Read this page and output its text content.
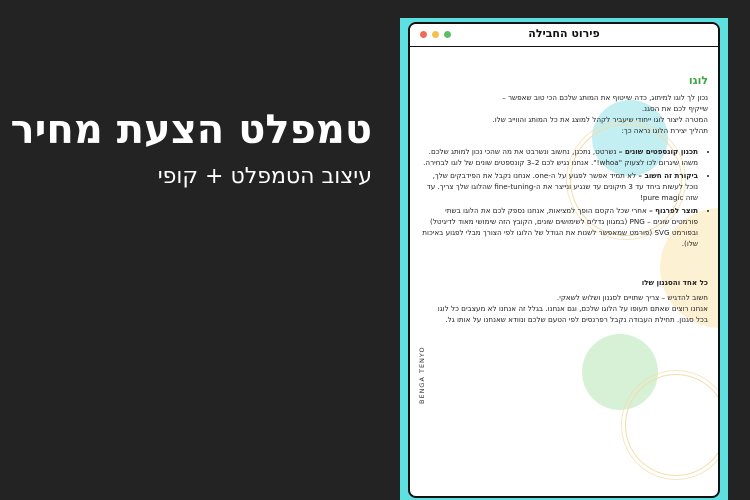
טמפלט הצעת מחיר
עיצוב הטמפלט + קופי
פירוט החבילה
לוגו

נכון לך לוגו למיתוג, כדה שייטוף את המותג שלכם הכי טוב שאפשר –

שייקיף לכם את הסגנ.

המטרה ליצור לוגו ייחודי שיעביר לקהל למוצג את כל המותג והווייב שלו.

תהליך יצירת הלוגו נראה כך:

• תכנון קונספטים שונים – נשרטט, נתכנן, נחשוב ונשרבט את מה שהכי נכון למותג שלכם. משהו שיגרום לכו לצעוק "whoa!". אנחנו נגיש לכם 2–3 קונספטים שונים של לוגו לבחירה.
• ביקורת זה חשוב – לא תמיד אפשר לפגוע על ה-one. אנחנו נקבל את הפידבקים שלך, נוכל לעשות ביחד עד 3 תיקונים עד שנגיע ונייצר את ה-fine-tuning שהלוגו שלך צריך. עד שזה pure magic!
• תוצר לפרגוף – אחרי שכל הקסם הופך למציאות, אנחנו נספק לכם את הלוגו בשתי פורמטים שונים – PNG (במגוון גדלים לשימושים שונים, הקובץ הזה שימושי מאוד לדיגיטל) ובפורמט SVG (פורמט שמאפשר לשנות את הגודל של הלוגו לפי הצורך מבלי לפגוע באיכות שלו).
כל אחד והסגנון שלו

חשוב להדגיש – צריך שתויים לסגנון ושלוש לשאקי.

אנחנו רוצים שאתם תעופו על הלוגו שלכם, וגם אנחנו. בגלל זה אנחנו לא מעצבים כל לוגו

בכל סגנון. תחילת העבודה נקבל רפרנסים לפי הטעם שלכם ונוודא שאנחנו על אותו גל.

BENGA TENYO
